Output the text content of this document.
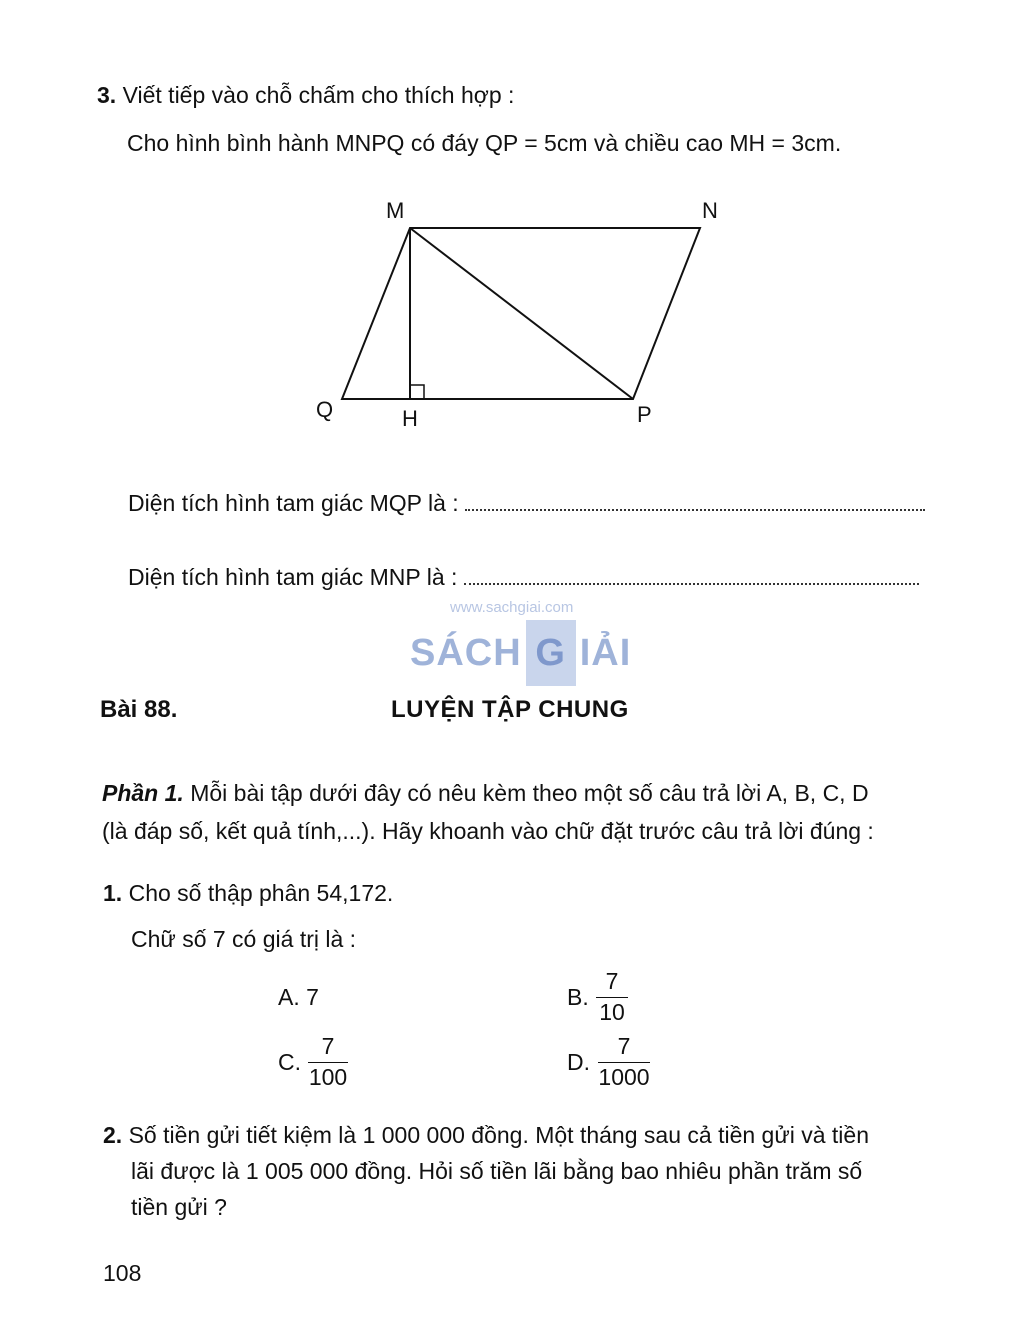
3. Viết tiếp vào chỗ chấm cho thích hợp :
Cho hình bình hành MNPQ có đáy QP = 5cm và chiều cao MH = 3cm.
M	N
Q	H	P
Diện tích hình tam giác MQP là :
Diện tích hình tam giác MNP là :
www.sachgiai.com
SÁCH G IẢI
Bài 88.	LUYỆN TẬP CHUNG
Phần 1. Mỗi bài tập dưới đây có nêu kèm theo một số câu trả lời A, B, C, D
(là đáp số, kết quả tính,...). Hãy khoanh vào chữ đặt trước câu trả lời đúng :
1. Cho số thập phân 54,172.
Chữ số 7 có giá trị là :
A. 7	B. $\frac{7}{10}$
C. $\frac{7}{100}$	D. $\frac{7}{1000}$
2. Số tiền gửi tiết kiệm là 1 000 000 đồng. Một tháng sau cả tiền gửi và tiền
lãi được là 1 005 000 đồng. Hỏi số tiền lãi bằng bao nhiêu phần trăm số
tiền gửi ?
108
